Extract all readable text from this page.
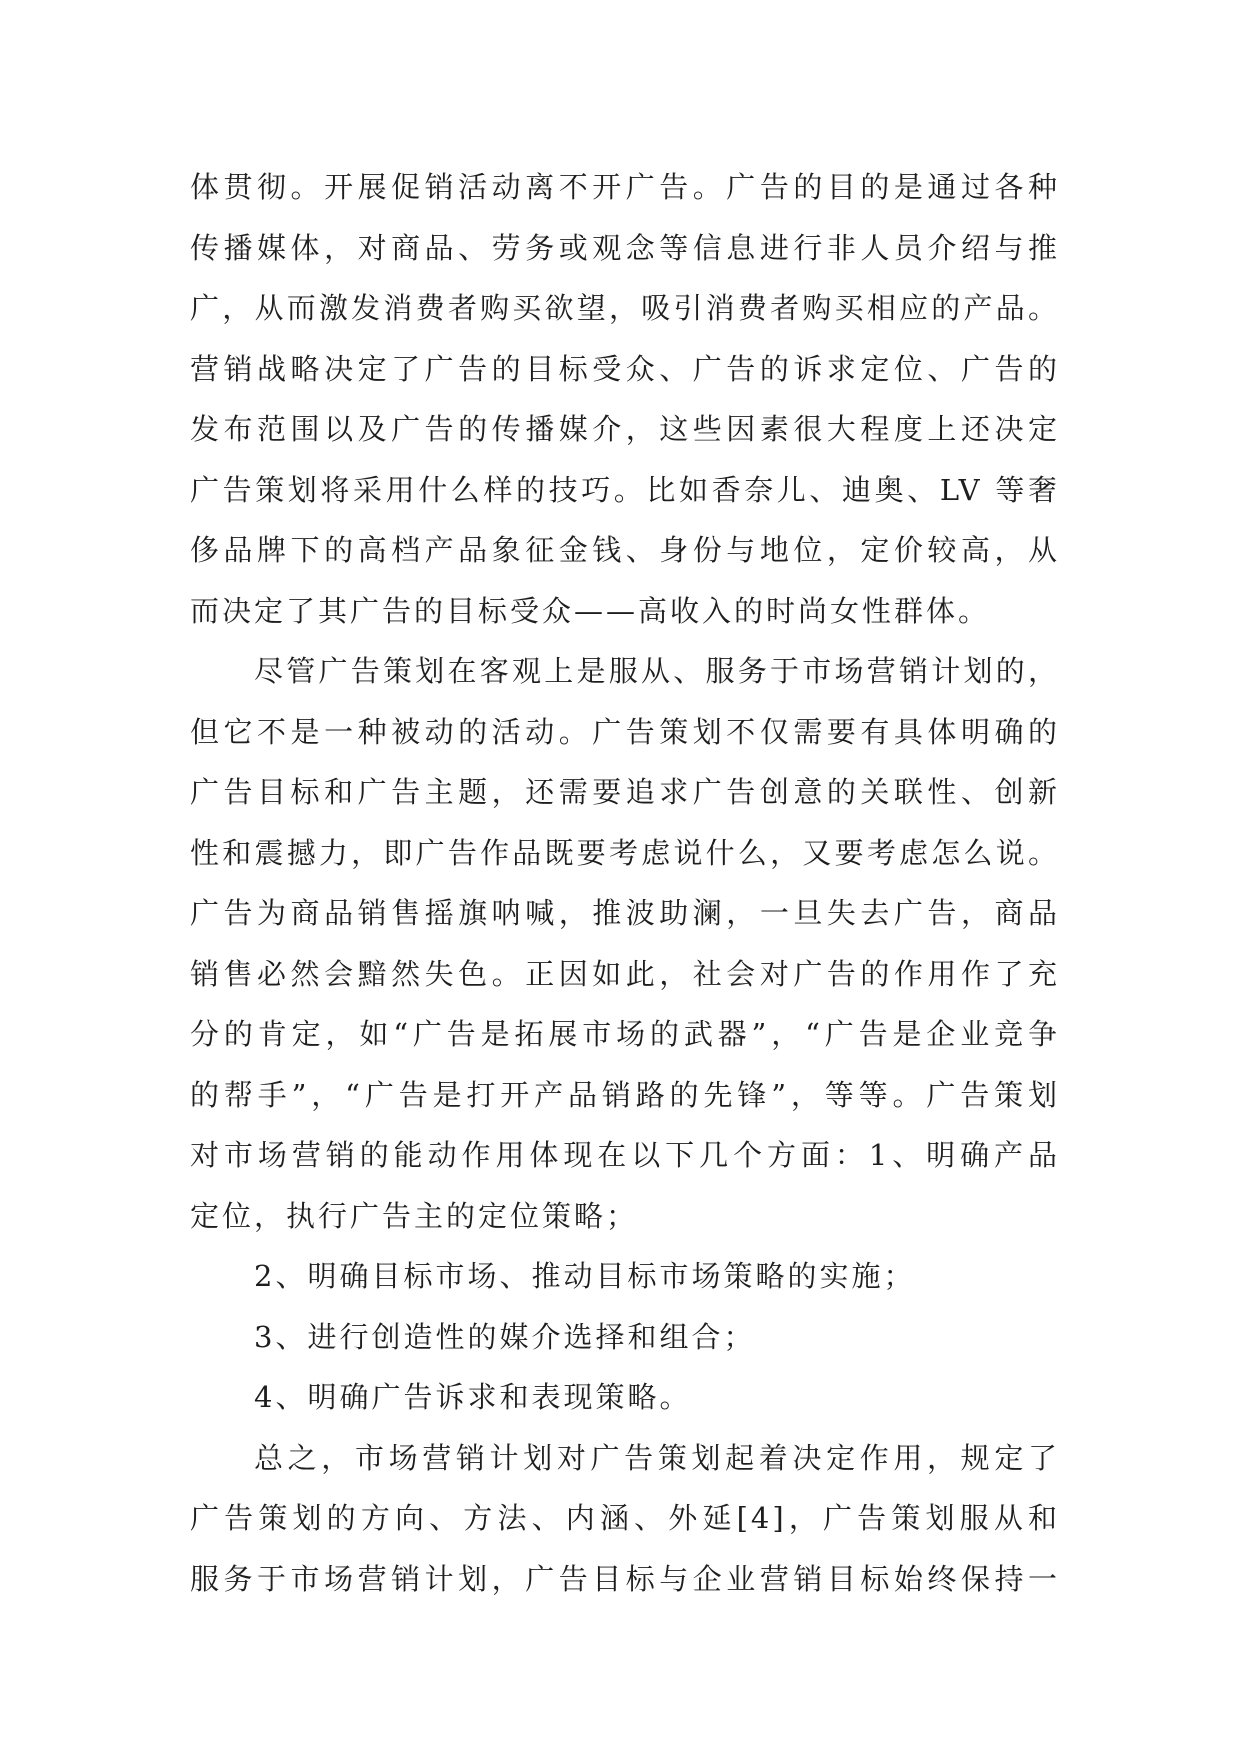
体贯彻。开展促销活动离不开广告。广告的目的是通过各种
传播媒体，对商品、劳务或观念等信息进行非人员介绍与推
广，从而激发消费者购买欲望，吸引消费者购买相应的产品。
营销战略决定了广告的目标受众、广告的诉求定位、广告的
发布范围以及广告的传播媒介，这些因素很大程度上还决定
广告策划将采用什么样的技巧。比如香奈儿、迪奥、LV 等奢
侈品牌下的高档产品象征金钱、身份与地位，定价较高，从
而决定了其广告的目标受众——高收入的时尚女性群体。
尽管广告策划在客观上是服从、服务于市场营销计划的，
但它不是一种被动的活动。广告策划不仅需要有具体明确的
广告目标和广告主题，还需要追求广告创意的关联性、创新
性和震撼力，即广告作品既要考虑说什么，又要考虑怎么说。
广告为商品销售摇旗呐喊，推波助澜，一旦失去广告，商品
销售必然会黯然失色。正因如此，社会对广告的作用作了充
分的肯定，如“广告是拓展市场的武器”，“广告是企业竞争
的帮手”，“广告是打开产品销路的先锋”，等等。广告策划
对市场营销的能动作用体现在以下几个方面：1、明确产品
定位，执行广告主的定位策略；
2、明确目标市场、推动目标市场策略的实施；
3、进行创造性的媒介选择和组合；
4、明确广告诉求和表现策略。
总之，市场营销计划对广告策划起着决定作用，规定了
广告策划的方向、方法、内涵、外延[4]，广告策划服从和
服务于市场营销计划，广告目标与企业营销目标始终保持一
